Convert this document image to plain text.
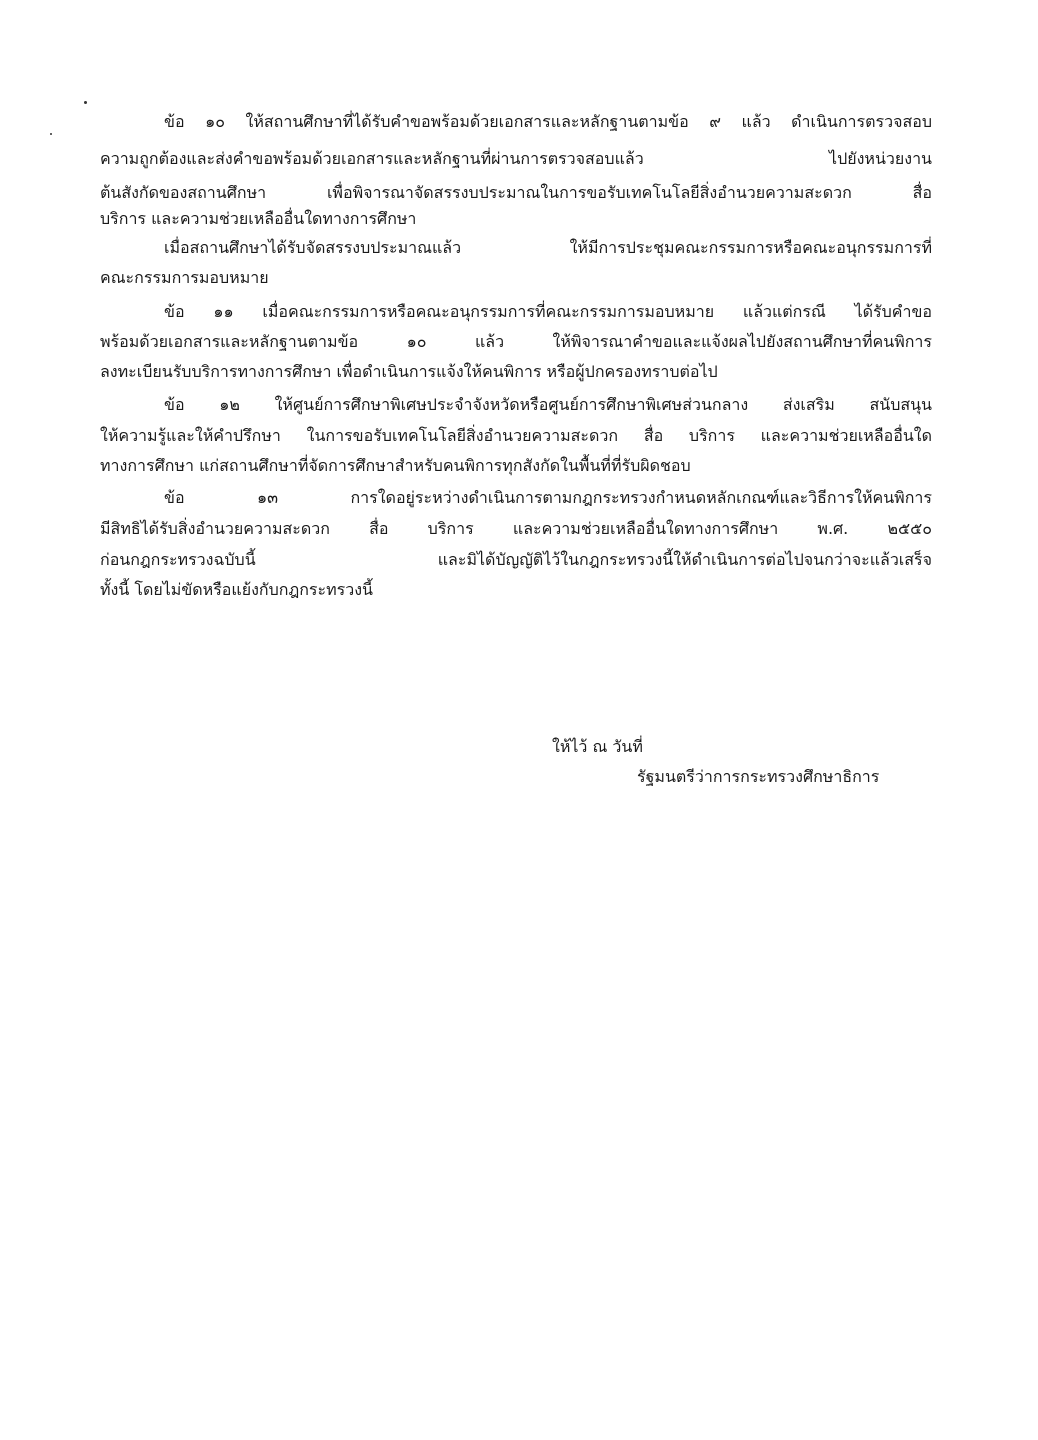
ข้อ ๑๐ ให้สถานศึกษาที่ได้รับคำขอพร้อมด้วยเอกสารและหลักฐานตามข้อ ๙ แล้ว ดำเนินการตรวจสอบ
ความถูกต้องและส่งคำขอพร้อมด้วยเอกสารและหลักฐานที่ผ่านการตรวจสอบแล้ว ไปยังหน่วยงาน
ต้นสังกัดของสถานศึกษา เพื่อพิจารณาจัดสรรงบประมาณในการขอรับเทคโนโลยีสิ่งอำนวยความสะดวก สื่อ
บริการ และความช่วยเหลืออื่นใดทางการศึกษา
เมื่อสถานศึกษาได้รับจัดสรรงบประมาณแล้ว ให้มีการประชุมคณะกรรมการหรือคณะอนุกรรมการที่
คณะกรรมการมอบหมาย
ข้อ ๑๑ เมื่อคณะกรรมการหรือคณะอนุกรรมการที่คณะกรรมการมอบหมาย แล้วแต่กรณี ได้รับคำขอ
พร้อมด้วยเอกสารและหลักฐานตามข้อ ๑๐ แล้ว ให้พิจารณาคำขอและแจ้งผลไปยังสถานศึกษาที่คนพิการ
ลงทะเบียนรับบริการทางการศึกษา เพื่อดำเนินการแจ้งให้คนพิการ หรือผู้ปกครองทราบต่อไป
ข้อ ๑๒ ให้ศูนย์การศึกษาพิเศษประจำจังหวัดหรือศูนย์การศึกษาพิเศษส่วนกลาง ส่งเสริม สนับสนุน
ให้ความรู้และให้คำปรึกษา ในการขอรับเทคโนโลยีสิ่งอำนวยความสะดวก สื่อ บริการ และความช่วยเหลืออื่นใด
ทางการศึกษา แก่สถานศึกษาที่จัดการศึกษาสำหรับคนพิการทุกสังกัดในพื้นที่ที่รับผิดชอบ
ข้อ ๑๓ การใดอยู่ระหว่างดำเนินการตามกฎกระทรวงกำหนดหลักเกณฑ์และวิธีการให้คนพิการ
มีสิทธิได้รับสิ่งอำนวยความสะดวก สื่อ บริการ และความช่วยเหลืออื่นใดทางการศึกษา พ.ศ. ๒๕๕๐
ก่อนกฎกระทรวงฉบับนี้ และมิได้บัญญัติไว้ในกฎกระทรวงนี้ให้ดำเนินการต่อไปจนกว่าจะแล้วเสร็จ
ทั้งนี้ โดยไม่ขัดหรือแย้งกับกฎกระทรวงนี้
ให้ไว้ ณ วันที่
รัฐมนตรีว่าการกระทรวงศึกษาธิการ
